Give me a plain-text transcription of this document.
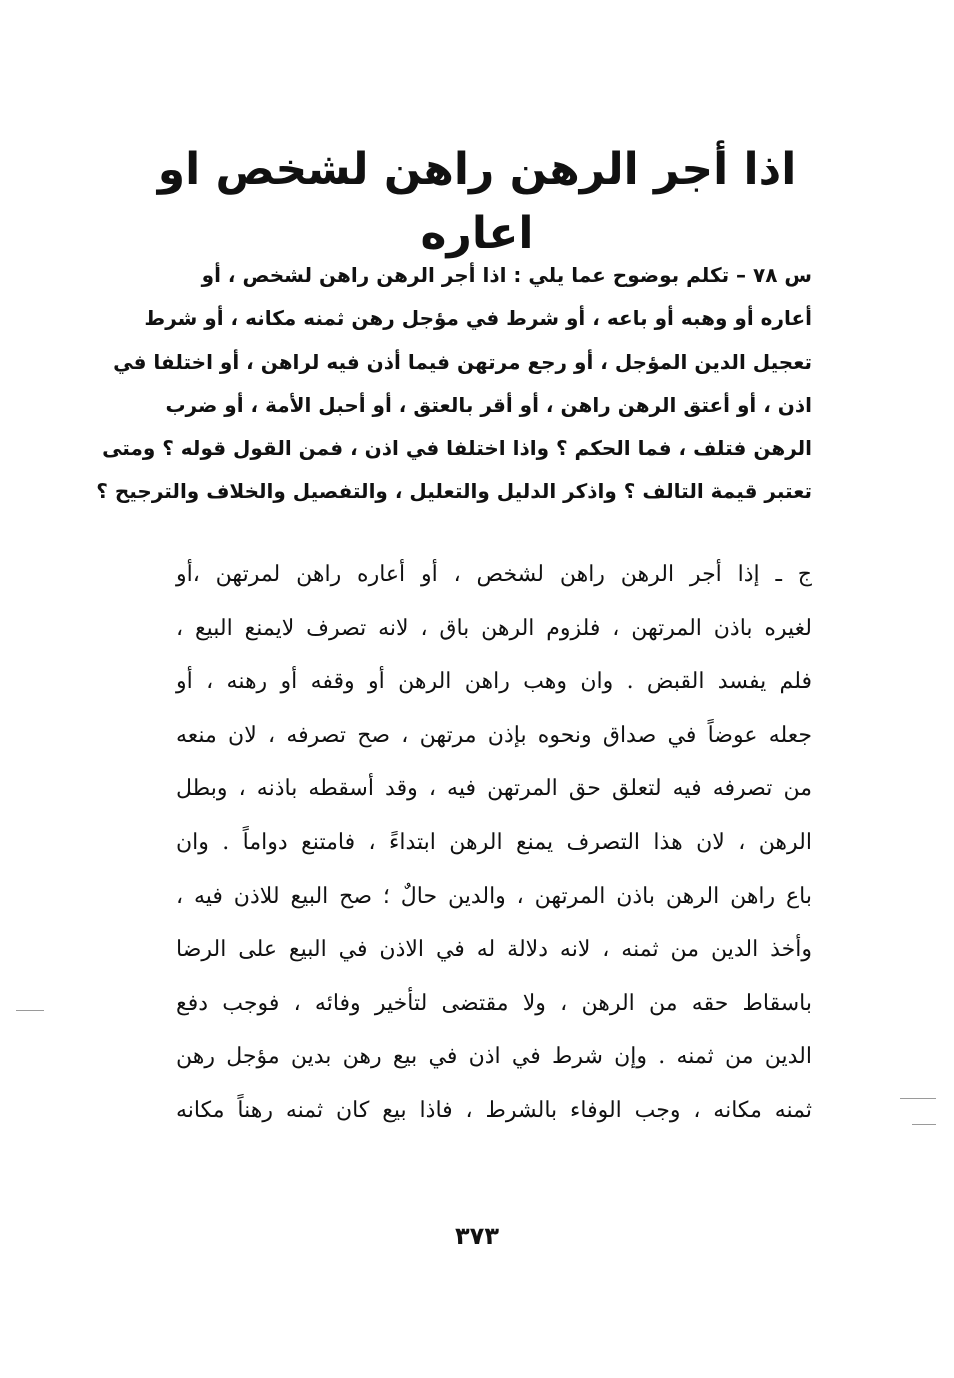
اذا أجر الرهن راهن لشخص او اعاره
س ٧٨ – تكلم بوضوح عما يلي : اذا أجر الرهن راهن لشخص ، أو
أعاره أو وهبه أو باعه ، أو شرط في مؤجل رهن ثمنه مكانه ، أو شرط
تعجيل الدين المؤجل ، أو رجع مرتهن فيما أذن فيه لراهن ، أو اختلفا في
اذن ، أو أعتق الرهن راهن ، أو أقر بالعتق ، أو أحبل الأمة ، أو ضرب
الرهن فتلف ، فما الحكم ؟ واذا اختلفا في اذن ، فمن القول قوله ؟ ومتى
تعتبر قيمة التالف ؟ واذكر الدليل والتعليل ، والتفصيل والخلاف والترجيح ؟
ج ـ إذا أجر الرهن راهن لشخص ، أو أعاره راهن لمرتهن ،أو
لغيره باذن المرتهن ، فلزوم الرهن باق ، لانه تصرف لايمنع البيع ،
فلم يفسد القبض . وان وهب راهن الرهن أو وقفه أو رهنه ، أو
جعله عوضاً في صداق ونحوه بإذن مرتهن ، صح تصرفه ، لان منعه
من تصرفه فيه لتعلق حق المرتهن فيه ، وقد أسقطه باذنه ، وبطل
الرهن ، لان هذا التصرف يمنع الرهن ابتداءً ، فامتنع دواماً . وان
باع راهن الرهن باذن المرتهن ، والدين حالٌ ؛ صح البيع للاذن فيه ،
وأخذ الدين من ثمنه ، لانه دلالة له في الاذن في البيع على الرضا
باسقاط حقه من الرهن ، ولا مقتضى لتأخير وفائه ، فوجب دفع
الدين من ثمنه . وإن شرط في اذن في بيع رهن بدين مؤجل رهن
ثمنه مكانه ، وجب الوفاء بالشرط ، فاذا بيع كان ثمنه رهناً مكانه
٣٧٣
